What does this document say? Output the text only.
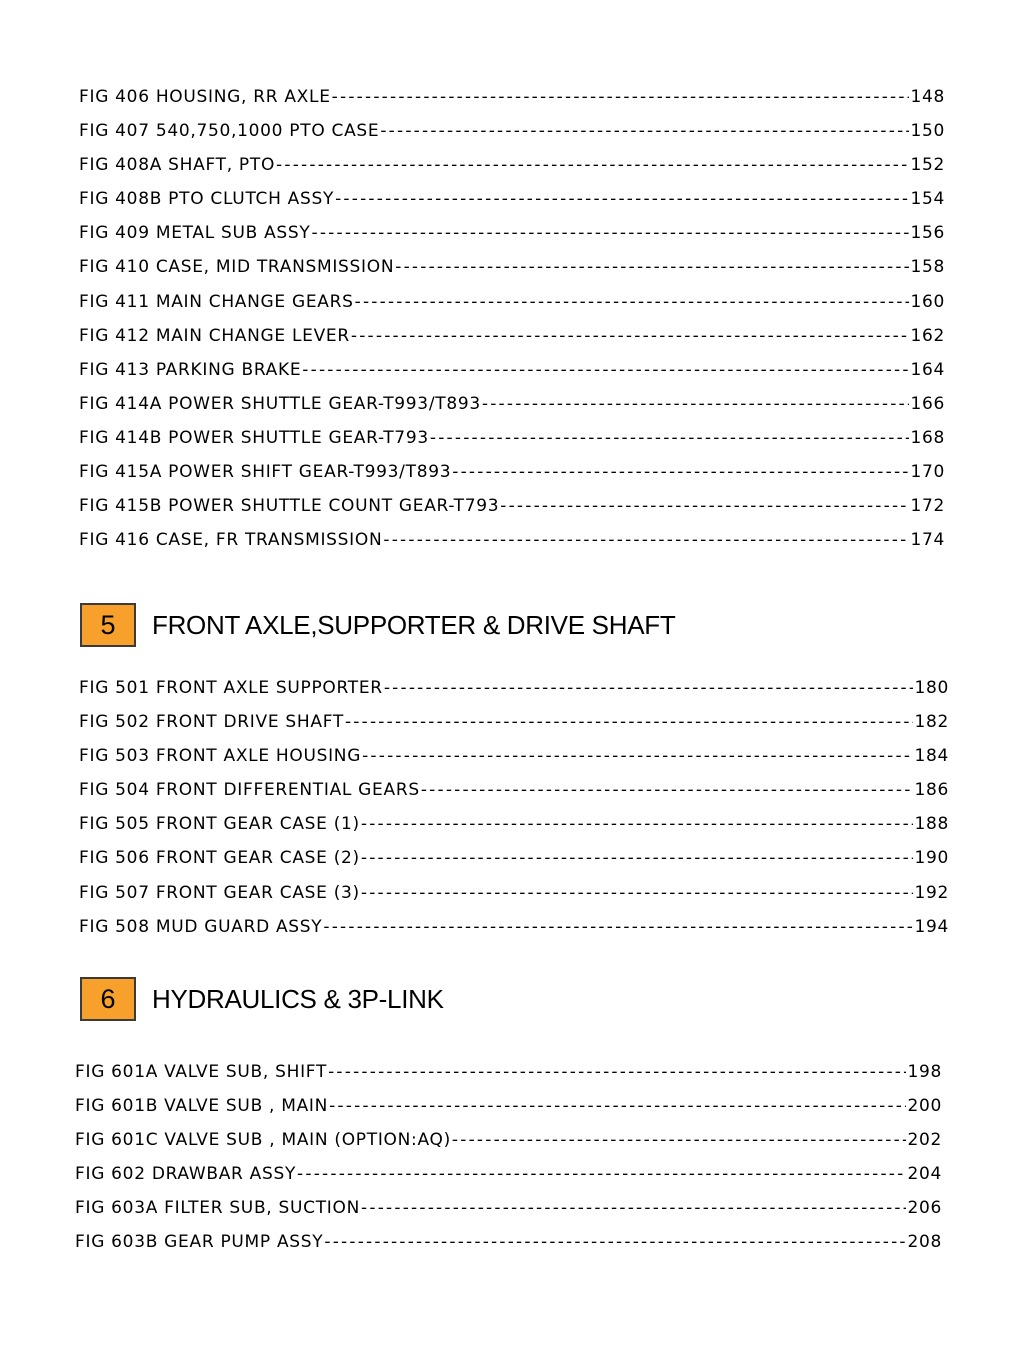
FIG 406 HOUSING, RR AXLE -----	148
FIG 407 540,750,1000 PTO CASE -----	150
FIG 408A SHAFT, PTO -----	152
FIG 408B PTO CLUTCH ASSY -----	154
FIG 409 METAL SUB ASSY -----	156
FIG 410 CASE, MID TRANSMISSION -----	158
FIG 411 MAIN CHANGE GEARS -----	160
FIG 412 MAIN CHANGE LEVER -----	162
FIG 413 PARKING BRAKE -----	164
FIG 414A POWER SHUTTLE GEAR-T993/T893 -----	166
FIG 414B POWER SHUTTLE GEAR-T793 -----	168
FIG 415A POWER SHIFT GEAR-T993/T893 -----	170
FIG 415B POWER SHUTTLE COUNT GEAR-T793 -----	172
FIG 416 CASE, FR TRANSMISSION -----	174
5	FRONT AXLE,SUPPORTER & DRIVE SHAFT
FIG 501 FRONT AXLE SUPPORTER -----	180
FIG 502 FRONT DRIVE SHAFT -----	182
FIG 503 FRONT AXLE HOUSING -----	184
FIG 504 FRONT DIFFERENTIAL GEARS -----	186
FIG 505 FRONT GEAR CASE (1) -----	188
FIG 506 FRONT GEAR CASE (2) -----	190
FIG 507 FRONT GEAR CASE (3) -----	192
FIG 508 MUD GUARD ASSY -----	194
6	HYDRAULICS & 3P-LINK
FIG 601A VALVE SUB, SHIFT -----	198
FIG 601B VALVE SUB , MAIN -----	200
FIG 601C VALVE SUB , MAIN (OPTION:AQ) -----	202
FIG 602 DRAWBAR ASSY -----	204
FIG 603A FILTER SUB, SUCTION -----	206
FIG 603B GEAR PUMP ASSY -----	208
